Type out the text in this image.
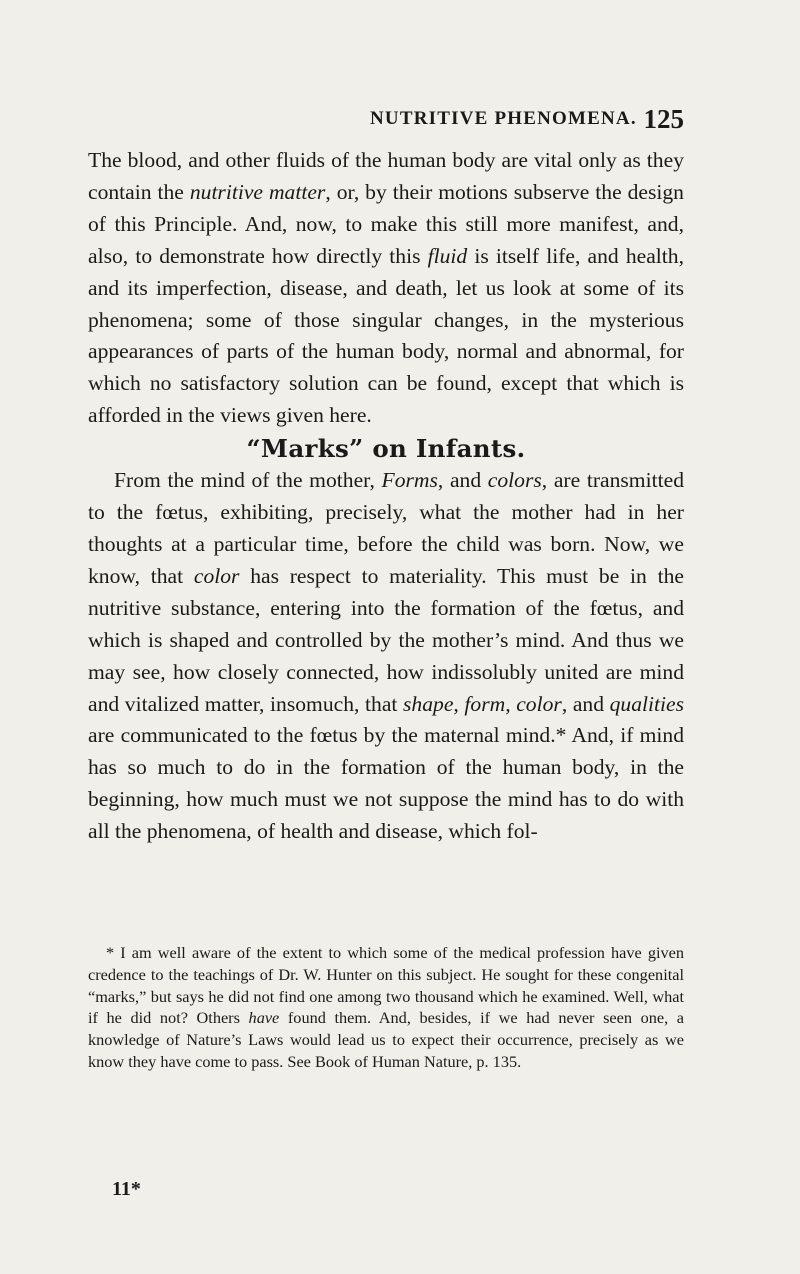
NUTRITIVE PHENOMENA. 125

The blood, and other fluids of the human body are vital only as they contain the nutritive matter, or, by their motions subserve the design of this Principle. And, now, to make this still more manifest, and, also, to demonstrate how directly this fluid is itself life, and health, and its imperfection, disease, and death, let us look at some of its phenomena; some of those singular changes, in the mysterious appearances of parts of the human body, normal and abnormal, for which no satisfactory solution can be found, except that which is afforded in the views given here.

“Marks” on Infants.

From the mind of the mother, Forms, and colors, are transmitted to the fœtus, exhibiting, precisely, what the mother had in her thoughts at a particular time, before the child was born. Now, we know, that color has respect to materiality. This must be in the nutritive substance, entering into the formation of the fœtus, and which is shaped and controlled by the mother’s mind. And thus we may see, how closely connected, how indissolubly united are mind and vitalized matter, insomuch, that shape, form, color, and qualities are communicated to the fœtus by the maternal mind.* And, if mind has so much to do in the formation of the human body, in the beginning, how much must we not suppose the mind has to do with all the phenomena, of health and disease, which fol-

* I am well aware of the extent to which some of the medical profession have given credence to the teachings of Dr. W. Hunter on this subject. He sought for these congenital “marks,” but says he did not find one among two thousand which he examined. Well, what if he did not? Others have found them. And, besides, if we had never seen one, a knowledge of Nature’s Laws would lead us to expect their occurrence, precisely as we know they have come to pass. See Book of Human Nature, p. 135.

11*
